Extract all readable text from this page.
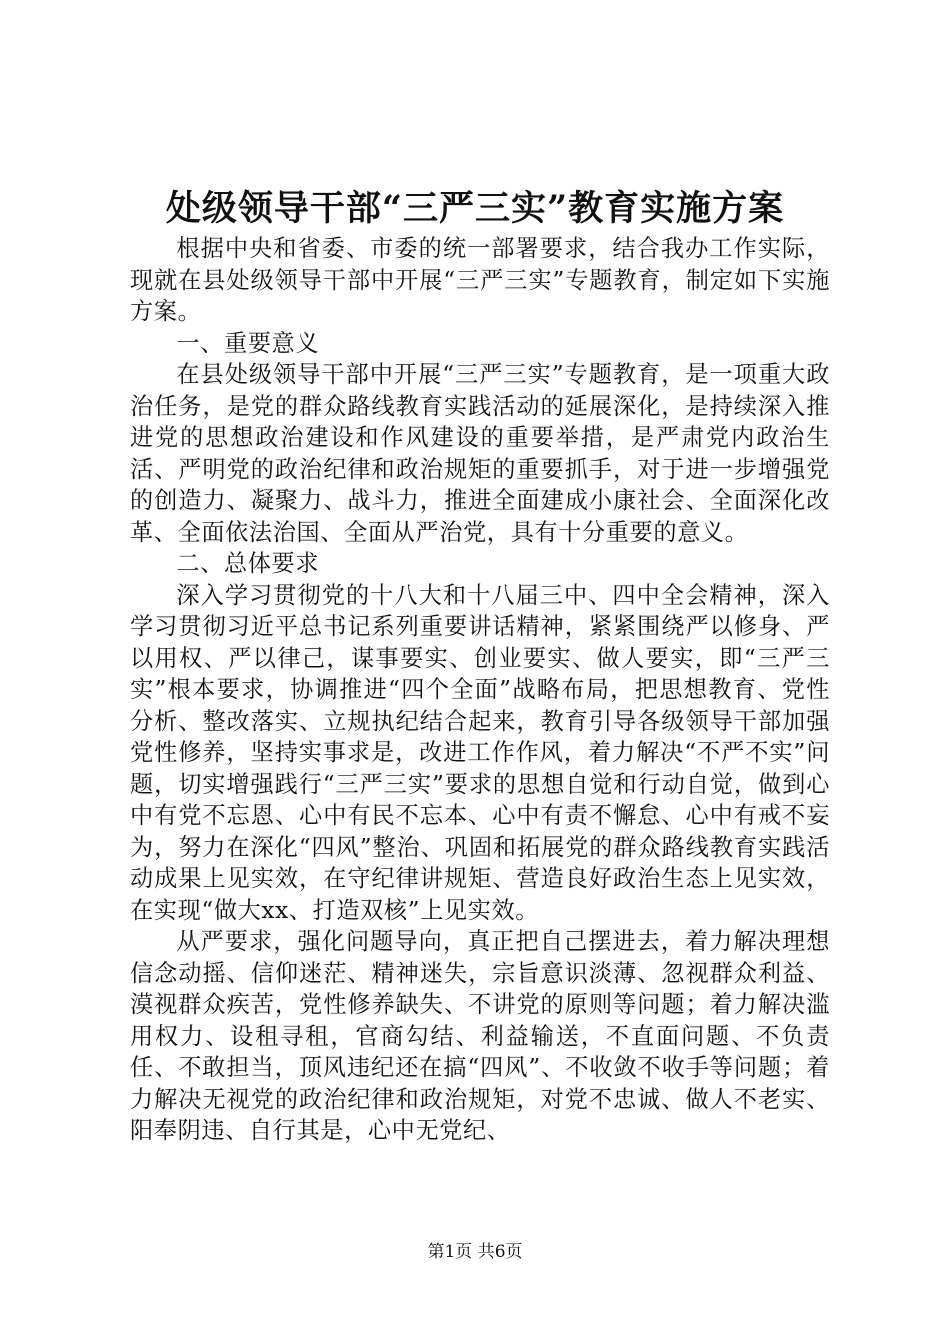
处级领导干部“三严三实”教育实施方案

根据中央和省委、市委的统一部署要求，结合我办工作实际，现就在县处级领导干部中开展“三严三实”专题教育，制定如下实施方案。

一、重要意义

在县处级领导干部中开展“三严三实”专题教育，是一项重大政治任务，是党的群众路线教育实践活动的延展深化，是持续深入推进党的思想政治建设和作风建设的重要举措，是严肃党内政治生活、严明党的政治纪律和政治规矩的重要抓手，对于进一步增强党的创造力、凝聚力、战斗力，推进全面建成小康社会、全面深化改革、全面依法治国、全面从严治党，具有十分重要的意义。

二、总体要求

深入学习贯彻党的十八大和十八届三中、四中全会精神，深入学习贯彻习近平总书记系列重要讲话精神，紧紧围绕严以修身、严以用权、严以律己，谋事要实、创业要实、做人要实，即“三严三实”根本要求，协调推进“四个全面”战略布局，把思想教育、党性分析、整改落实、立规执纪结合起来，教育引导各级领导干部加强党性修养，坚持实事求是，改进工作作风，着力解决“不严不实”问题，切实增强践行“三严三实”要求的思想自觉和行动自觉，做到心中有党不忘恩、心中有民不忘本、心中有责不懈怠、心中有戒不妄为，努力在深化“四风”整治、巩固和拓展党的群众路线教育实践活动成果上见实效，在守纪律讲规矩、营造良好政治生态上见实效，在实现“做大xx、打造双核”上见实效。

从严要求，强化问题导向，真正把自己摆进去，着力解决理想信念动摇、信仰迷茫、精神迷失，宗旨意识淡薄、忽视群众利益、漠视群众疾苦，党性修养缺失、不讲党的原则等问题；着力解决滥用权力、设租寻租，官商勾结、利益输送，不直面问题、不负责任、不敢担当，顶风违纪还在搞“四风”、不收敛不收手等问题；着力解决无视党的政治纪律和政治规矩，对党不忠诚、做人不老实、阳奉阴违、自行其是，心中无党纪、

第1页 共6页
